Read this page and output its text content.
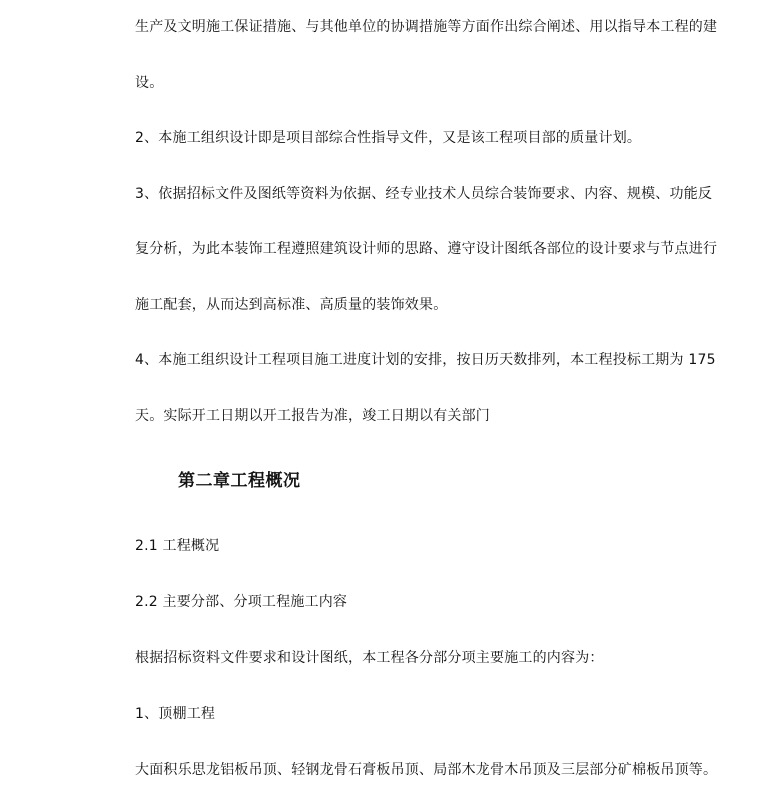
生产及文明施工保证措施、与其他单位的协调措施等方面作出综合阐述、用以指导本工程的建
设。
2、本施工组织设计即是项目部综合性指导文件，又是该工程项目部的质量计划。
3、依据招标文件及图纸等资料为依据、经专业技术人员综合装饰要求、内容、规模、功能反
复分析，为此本装饰工程遵照建筑设计师的思路、遵守设计图纸各部位的设计要求与节点进行
施工配套，从而达到高标准、高质量的装饰效果。
4、本施工组织设计工程项目施工进度计划的安排，按日历天数排列，本工程投标工期为 175
天。实际开工日期以开工报告为准，竣工日期以有关部门
第二章工程概况
2.1 工程概况
2.2 主要分部、分项工程施工内容
根据招标资料文件要求和设计图纸，本工程各分部分项主要施工的内容为：
1、顶棚工程
大面积乐思龙铝板吊顶、轻钢龙骨石膏板吊顶、局部木龙骨木吊顶及三层部分矿棉板吊顶等。
